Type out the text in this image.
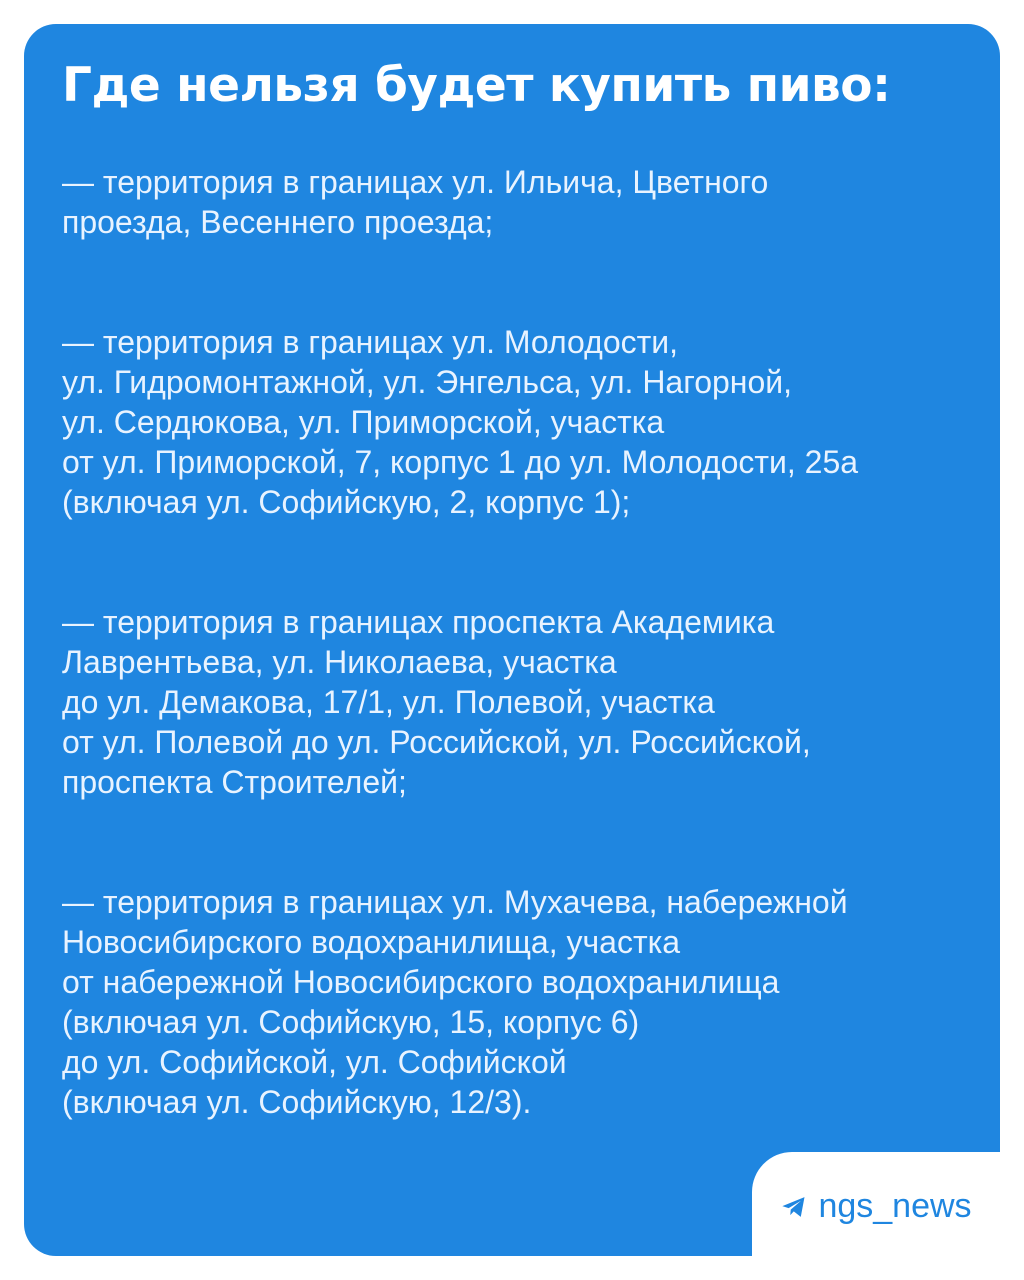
Где нельзя будет купить пиво:

— территория в границах ул. Ильича, Цветного
проезда, Весеннего проезда;

— территория в границах ул. Молодости,
ул. Гидромонтажной, ул. Энгельса, ул. Нагорной,
ул. Сердюкова, ул. Приморской, участка
от ул. Приморской, 7, корпус 1 до ул. Молодости, 25а
(включая ул. Софийскую, 2, корпус 1);

— территория в границах проспекта Академика
Лаврентьева, ул. Николаева, участка
до ул. Демакова, 17/1, ул. Полевой, участка
от ул. Полевой до ул. Российской, ул. Российской,
проспекта Строителей;

— территория в границах ул. Мухачева, набережной
Новосибирского водохранилища, участка
от набережной Новосибирского водохранилища
(включая ул. Софийскую, 15, корпус 6)
до ул. Софийской, ул. Софийской
(включая ул. Софийскую, 12/3).

ngs_news
